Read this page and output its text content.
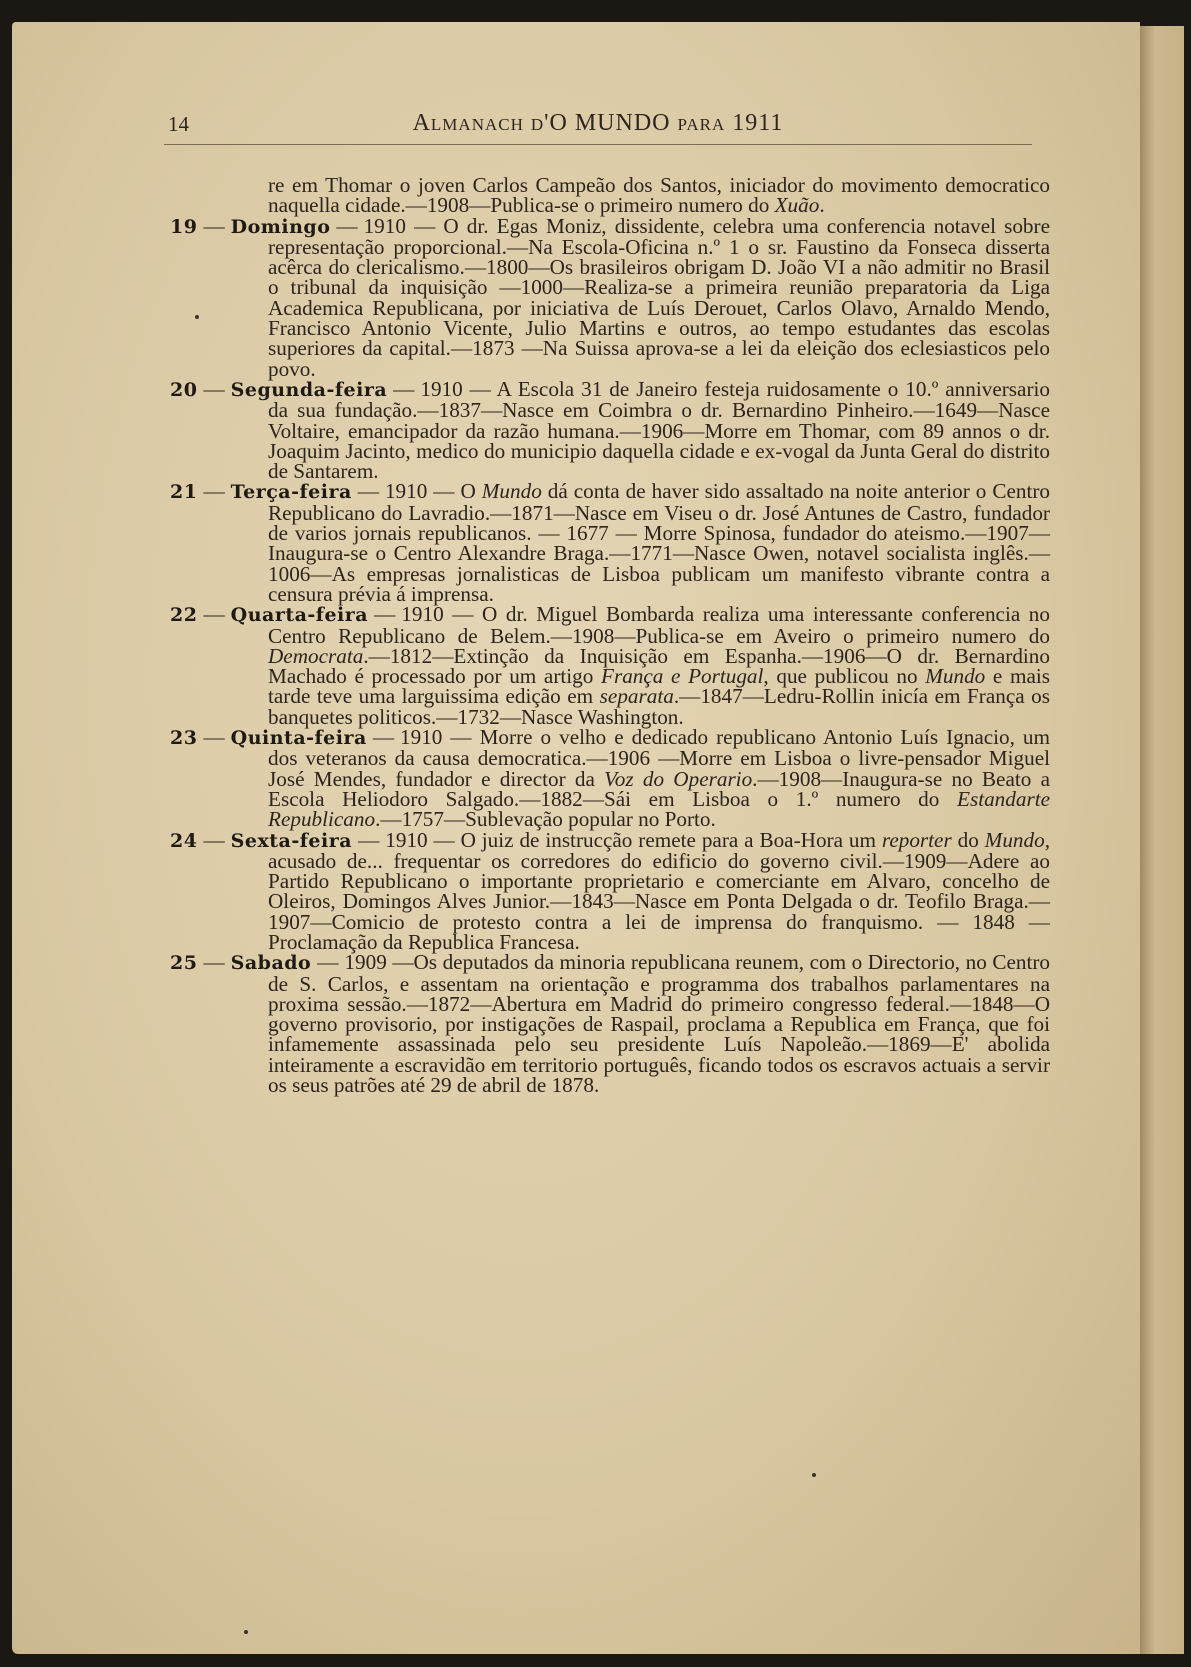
14	Almanach d'O MUNDO para 1911

re em Thomar o joven Carlos Campeão dos Santos, iniciador do movimento democratico naquella cidade.—1908—Publica-se o primeiro numero do Xuão.

19 — Domingo — 1910 — O dr. Egas Moniz, dissidente, celebra uma conferencia notavel sobre representação proporcional.—Na Escola-Oficina n.º 1 o sr. Faustino da Fonseca disserta acêrca do clericalismo.—1800—Os brasileiros obrigam D. João VI a não admitir no Brasil o tribunal da inquisição —1000—Realiza-se a primeira reunião preparatoria da Liga Academica Republicana, por iniciativa de Luís Derouet, Carlos Olavo, Arnaldo Mendo, Francisco Antonio Vicente, Julio Martins e outros, ao tempo estudantes das escolas superiores da capital.—1873 —Na Suissa aprova-se a lei da eleição dos eclesiasticos pelo povo.

20 — Segunda-feira — 1910 — A Escola 31 de Janeiro festeja ruidosamente o 10.º anniversario da sua fundação.—1837—Nasce em Coimbra o dr. Bernardino Pinheiro.—1649—Nasce Voltaire, emancipador da razão humana.—1906—Morre em Thomar, com 89 annos o dr. Joaquim Jacinto, medico do municipio daquella cidade e ex-vogal da Junta Geral do distrito de Santarem.

21 — Terça-feira — 1910 — O Mundo dá conta de haver sido assaltado na noite anterior o Centro Republicano do Lavradio.—1871—Nasce em Viseu o dr. José Antunes de Castro, fundador de varios jornais republicanos. — 1677 — Morre Spinosa, fundador do ateismo.—1907—Inaugura-se o Centro Alexandre Braga.—1771—Nasce Owen, notavel socialista inglês.—1006—As empresas jornalisticas de Lisboa publicam um manifesto vibrante contra a censura prévia á imprensa.

22 — Quarta-feira — 1910 — O dr. Miguel Bombarda realiza uma interessante conferencia no Centro Republicano de Belem.—1908—Publica-se em Aveiro o primeiro numero do Democrata.—1812—Extinção da Inquisição em Espanha.—1906—O dr. Bernardino Machado é processado por um artigo França e Portugal, que publicou no Mundo e mais tarde teve uma larguissima edição em separata.—1847—Ledru-Rollin inicía em França os banquetes politicos.—1732—Nasce Washington.

23 — Quinta-feira — 1910 — Morre o velho e dedicado republicano Antonio Luís Ignacio, um dos veteranos da causa democratica.—1906 —Morre em Lisboa o livre-pensador Miguel José Mendes, fundador e director da Voz do Operario.—1908—Inaugura-se no Beato a Escola Heliodoro Salgado.—1882—Sái em Lisboa o 1.º numero do Estandarte Republicano.—1757—Sublevação popular no Porto.

24 — Sexta-feira — 1910 — O juiz de instrucção remete para a Boa-Hora um reporter do Mundo, acusado de... frequentar os corredores do edificio do governo civil.—1909—Adere ao Partido Republicano o importante proprietario e comerciante em Alvaro, concelho de Oleiros, Domingos Alves Junior.—1843—Nasce em Ponta Delgada o dr. Teofilo Braga.—1907—Comicio de protesto contra a lei de imprensa do franquismo. — 1848 — Proclamação da Republica Francesa.

25 — Sabado — 1909 —Os deputados da minoria republicana reunem, com o Directorio, no Centro de S. Carlos, e assentam na orientação e programma dos trabalhos parlamentares na proxima sessão.—1872—Abertura em Madrid do primeiro congresso federal.—1848—O governo provisorio, por instigações de Raspail, proclama a Republica em França, que foi infamemente assassinada pelo seu presidente Luís Napoleão.—1869—E' abolida inteiramente a escravidão em territorio português, ficando todos os escravos actuais a servir os seus patrões até 29 de abril de 1878.
